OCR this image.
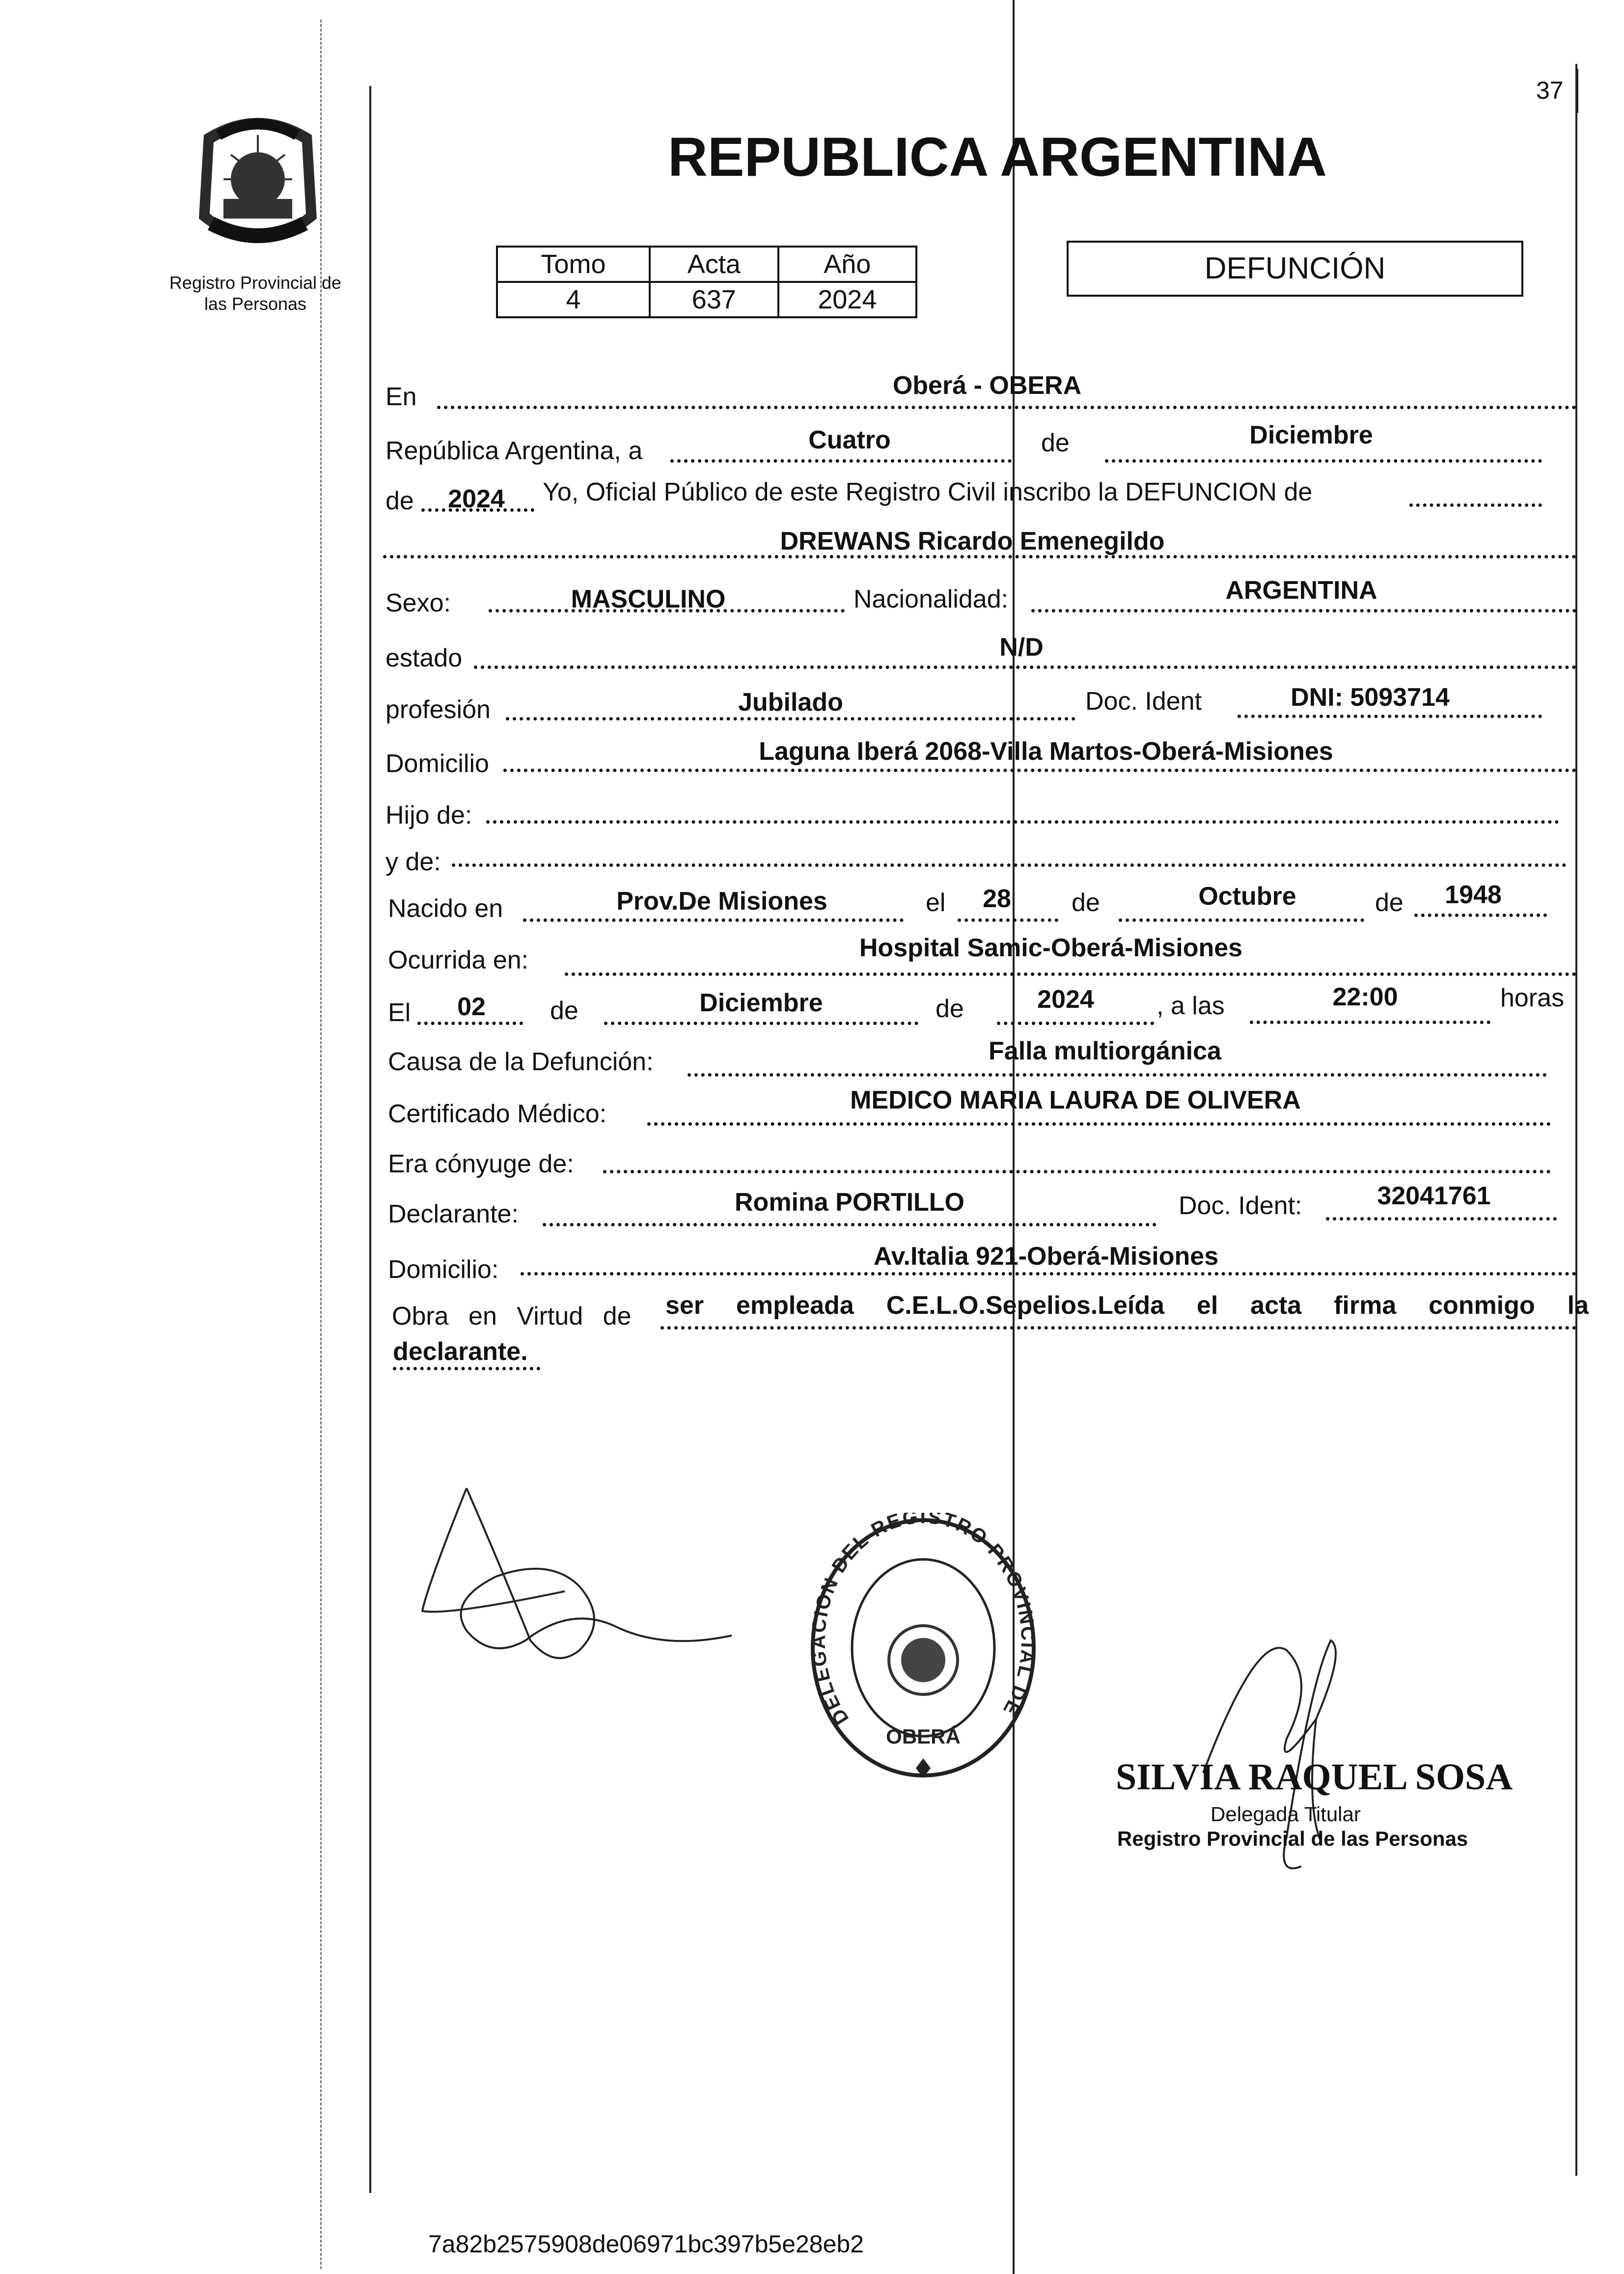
37
Registro Provincial de
las Personas
REPUBLICA ARGENTINA
Tomo	Acta	Año
4	637	2024
DEFUNCIÓN
En	Oberá - OBERA
República Argentina, a	Cuatro	de	Diciembre
de	2024	Yo, Oficial Público de este Registro Civil inscribo la DEFUNCION de
DREWANS Ricardo Emenegildo
Sexo:	MASCULINO	Nacionalidad:	ARGENTINA
estado	N/D
profesión	Jubilado	Doc. Ident	DNI: 5093714
Domicilio	Laguna Iberá 2068-Villa Martos-Oberá-Misiones
Hijo de:
y de:
Nacido en	Prov.De Misiones	el	28	de	Octubre	de	1948
Ocurrida en:	Hospital Samic-Oberá-Misiones
El	02	de	Diciembre	de	2024	, a las	22:00	horas
Causa de la Defunción:	Falla multiorgánica
Certificado Médico:	MEDICO MARIA LAURA DE OLIVERA
Era cónyuge de:
Declarante:	Romina PORTILLO	Doc. Ident:	32041761
Domicilio:	Av.Italia 921-Oberá-Misiones
Obra en Virtud de ser empleada C.E.L.O.Sepelios.Leída el acta firma conmigo la
declarante.
DELEGACION DEL REGISTRO PROVINCIAL DE
OBERÁ
SILVIA RAQUEL SOSA
Delegada Titular
Registro Provincial de las Personas
7a82b2575908de06971bc397b5e28eb2
